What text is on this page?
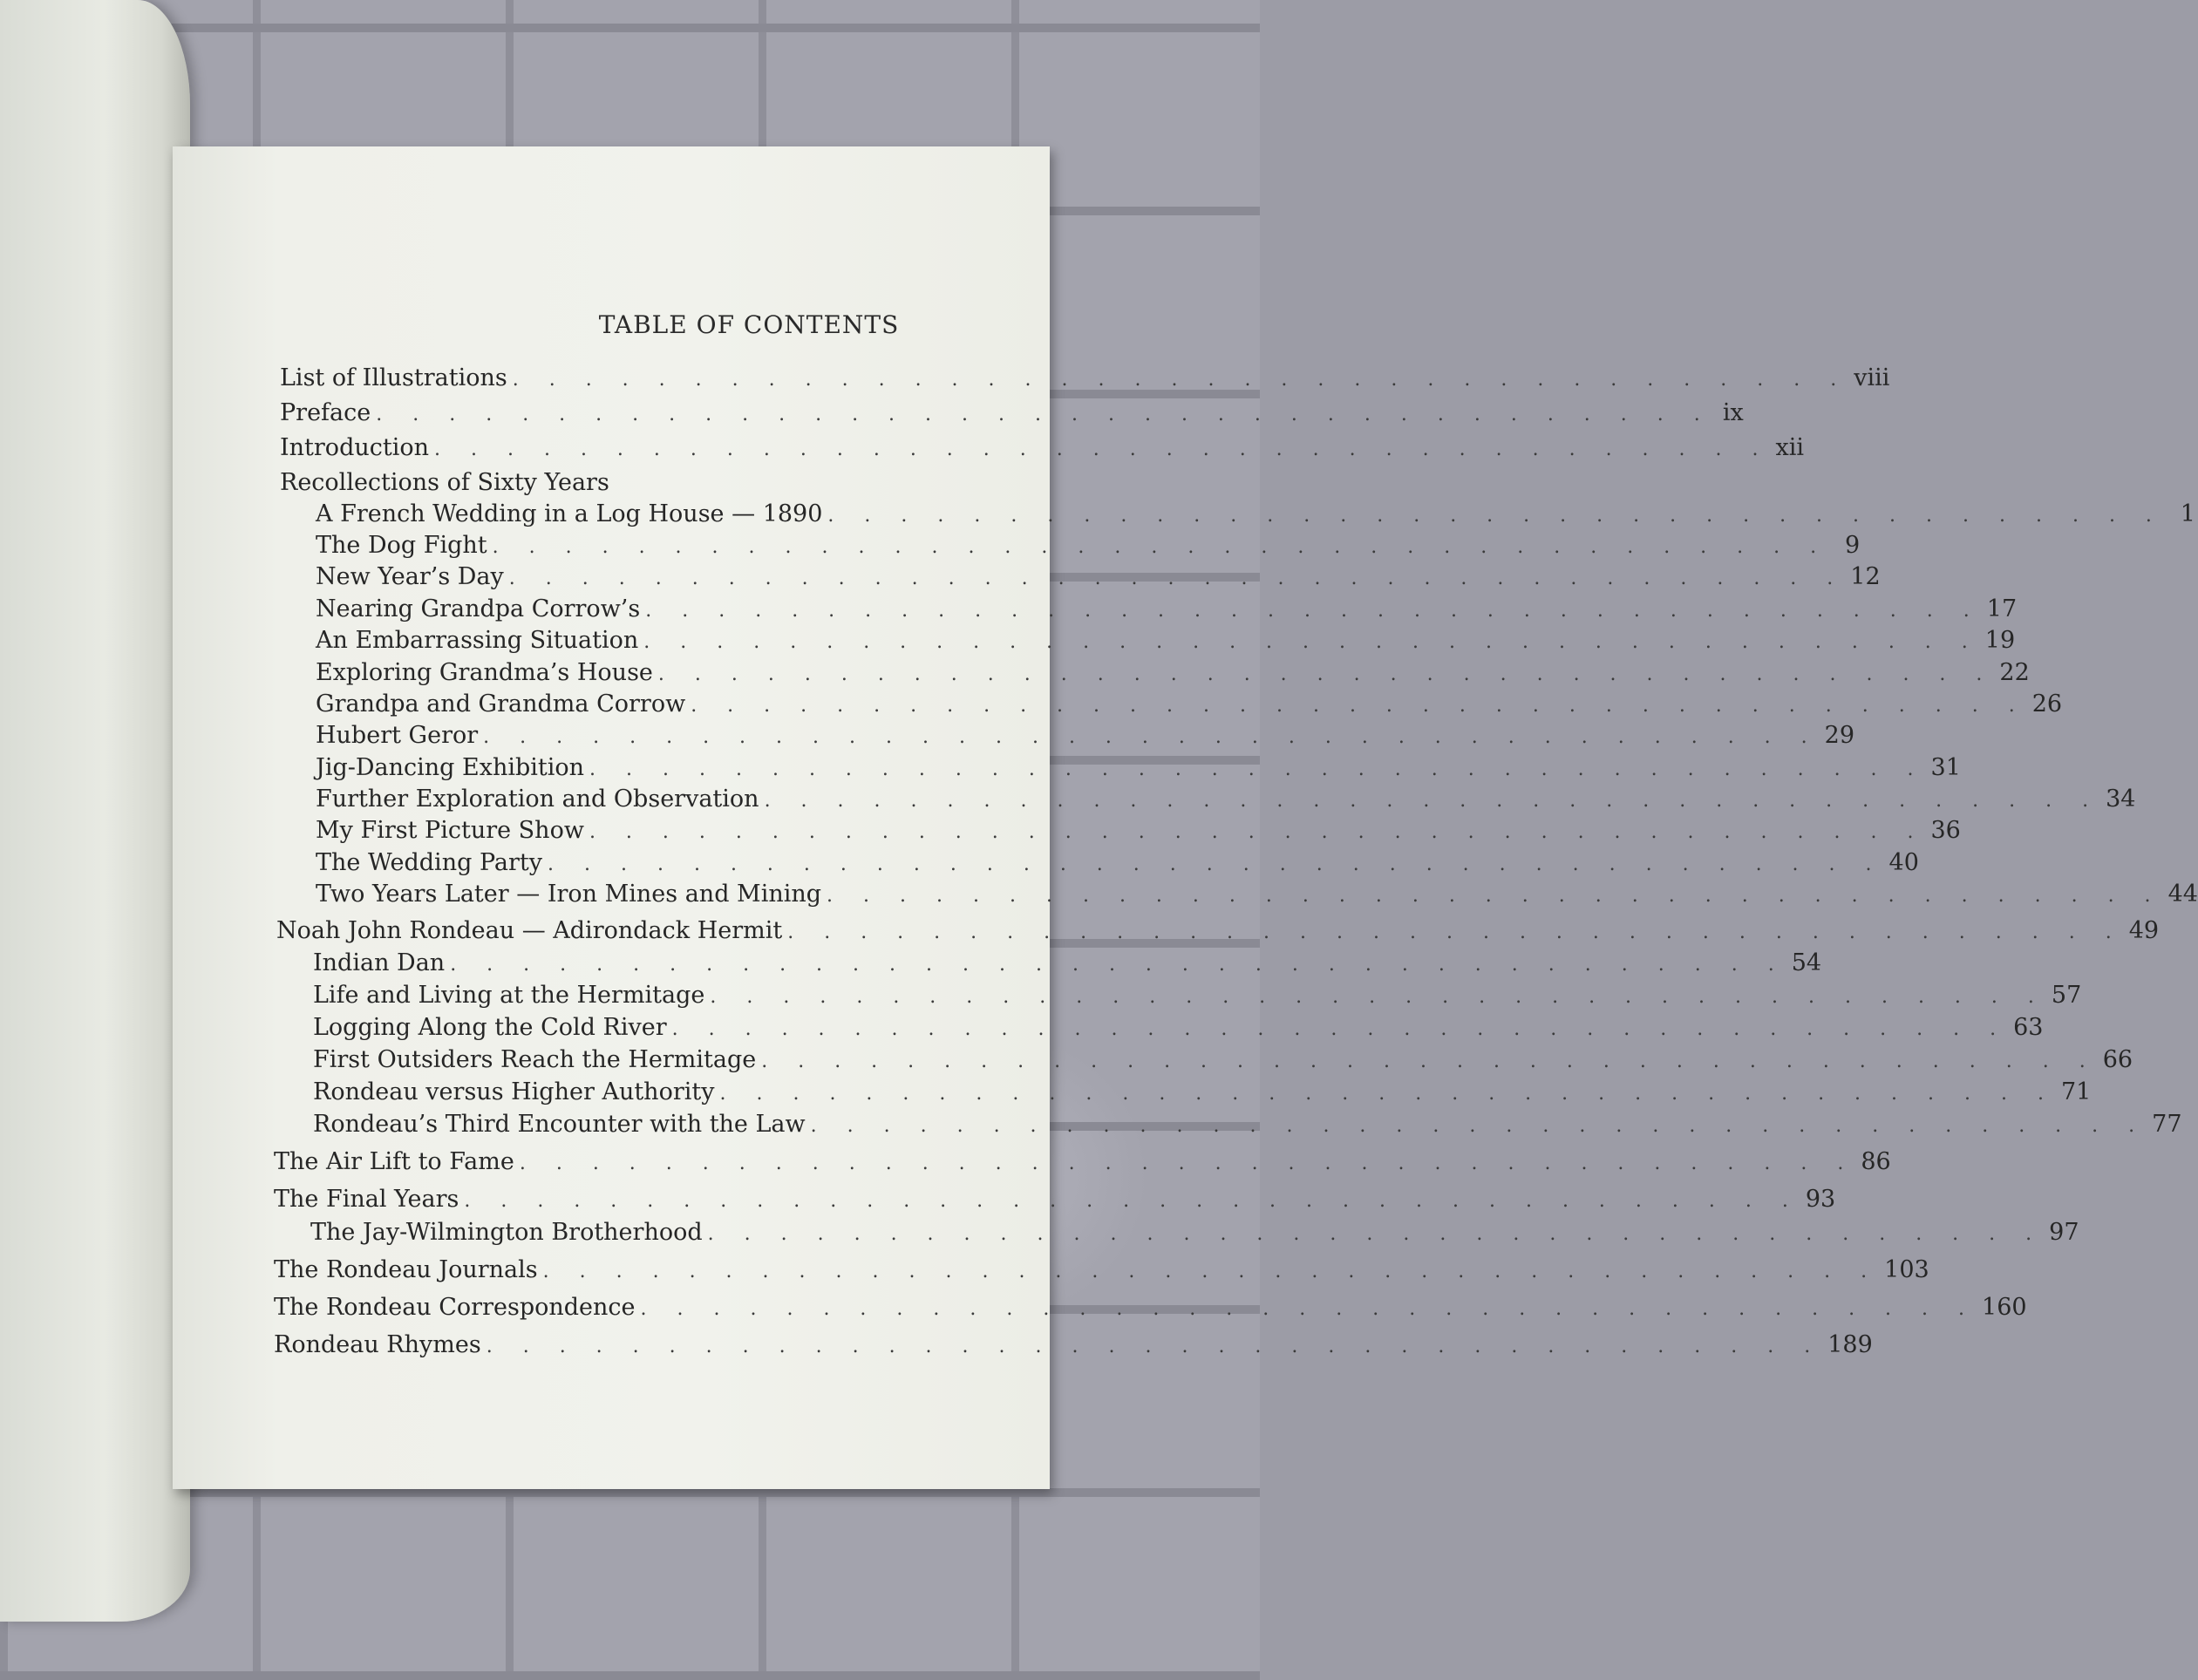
TABLE OF CONTENTS
List of Illustrations . . . . . . . . . . . . . . . . . . . . . . . . . . . . . . . . . . . . . viii
Preface . . . . . . . . . . . . . . . . . . . . . . . . . . . . . . . . . . . . . ix
Introduction . . . . . . . . . . . . . . . . . . . . . . . . . . . . . . . . . . . . . xii
Recollections of Sixty Years
A French Wedding in a Log House — 1890 . . . . . . . . . . . . . . . . . . . . . . . . . . . . . . . . . . . . . 1
The Dog Fight . . . . . . . . . . . . . . . . . . . . . . . . . . . . . . . . . . . . . 9
New Year’s Day . . . . . . . . . . . . . . . . . . . . . . . . . . . . . . . . . . . . . 12
Nearing Grandpa Corrow’s . . . . . . . . . . . . . . . . . . . . . . . . . . . . . . . . . . . . . 17
An Embarrassing Situation . . . . . . . . . . . . . . . . . . . . . . . . . . . . . . . . . . . . . 19
Exploring Grandma’s House . . . . . . . . . . . . . . . . . . . . . . . . . . . . . . . . . . . . . 22
Grandpa and Grandma Corrow . . . . . . . . . . . . . . . . . . . . . . . . . . . . . . . . . . . . . 26
Hubert Geror . . . . . . . . . . . . . . . . . . . . . . . . . . . . . . . . . . . . . 29
Jig-Dancing Exhibition . . . . . . . . . . . . . . . . . . . . . . . . . . . . . . . . . . . . . 31
Further Exploration and Observation . . . . . . . . . . . . . . . . . . . . . . . . . . . . . . . . . . . . . 34
My First Picture Show . . . . . . . . . . . . . . . . . . . . . . . . . . . . . . . . . . . . . 36
The Wedding Party . . . . . . . . . . . . . . . . . . . . . . . . . . . . . . . . . . . . . 40
Two Years Later — Iron Mines and Mining . . . . . . . . . . . . . . . . . . . . . . . . . . . . . . . . . . . . . 44
Noah John Rondeau — Adirondack Hermit . . . . . . . . . . . . . . . . . . . . . . . . . . . . . . . . . . . . . 49
Indian Dan . . . . . . . . . . . . . . . . . . . . . . . . . . . . . . . . . . . . . 54
Life and Living at the Hermitage . . . . . . . . . . . . . . . . . . . . . . . . . . . . . . . . . . . . . 57
Logging Along the Cold River . . . . . . . . . . . . . . . . . . . . . . . . . . . . . . . . . . . . . 63
First Outsiders Reach the Hermitage . . . . . . . . . . . . . . . . . . . . . . . . . . . . . . . . . . . . . 66
Rondeau versus Higher Authority . . . . . . . . . . . . . . . . . . . . . . . . . . . . . . . . . . . . . 71
Rondeau’s Third Encounter with the Law . . . . . . . . . . . . . . . . . . . . . . . . . . . . . . . . . . . . . 77
The Air Lift to Fame . . . . . . . . . . . . . . . . . . . . . . . . . . . . . . . . . . . . . 86
The Final Years . . . . . . . . . . . . . . . . . . . . . . . . . . . . . . . . . . . . . 93
The Jay-Wilmington Brotherhood . . . . . . . . . . . . . . . . . . . . . . . . . . . . . . . . . . . . . 97
The Rondeau Journals . . . . . . . . . . . . . . . . . . . . . . . . . . . . . . . . . . . . . 103
The Rondeau Correspondence . . . . . . . . . . . . . . . . . . . . . . . . . . . . . . . . . . . . . 160
Rondeau Rhymes . . . . . . . . . . . . . . . . . . . . . . . . . . . . . . . . . . . . . 189
